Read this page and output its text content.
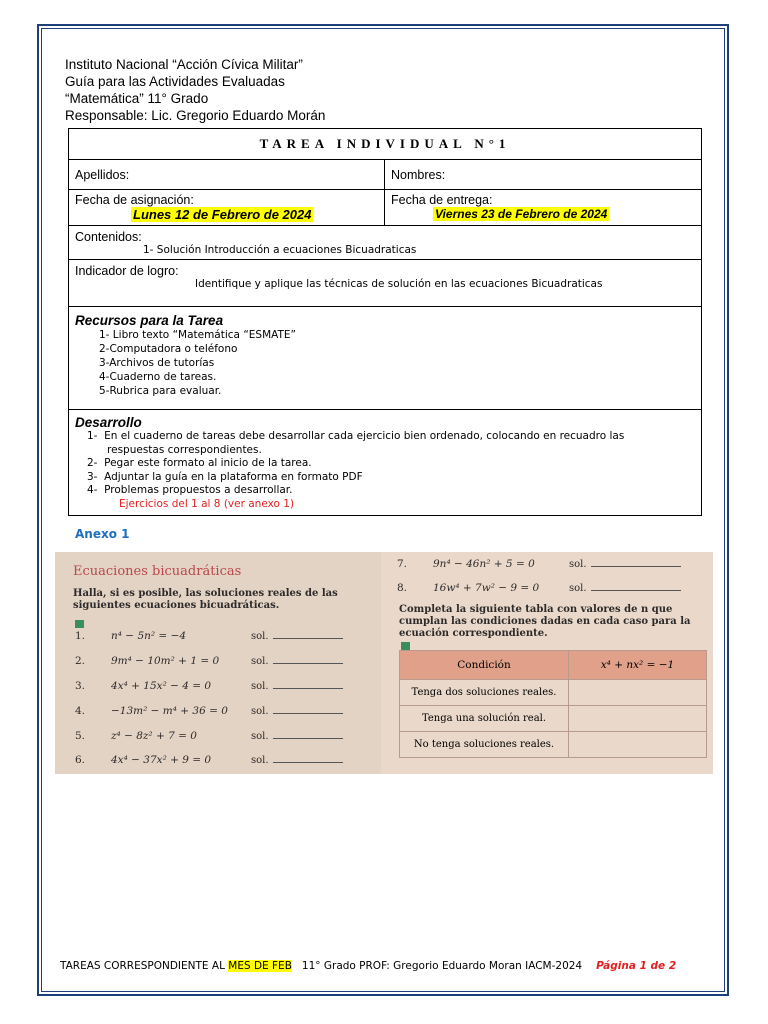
Instituto Nacional “Acción Cívica Militar”
Guía para las Actividades Evaluadas
“Matemática” 11° Grado
Responsable: Lic. Gregorio Eduardo Morán
TAREA INDIVIDUAL N°1
Apellidos:	Nombres:
Fecha de asignación:
Lunes 12 de Febrero de 2024
Fecha de entrega:
Viernes 23 de Febrero de 2024
Contenidos:
1- Solución Introducción a ecuaciones Bicuadraticas
Indicador de logro:
Identifique y aplique las técnicas de solución en las ecuaciones Bicuadraticas
Recursos para la Tarea
1- Libro texto “Matemática “ESMATE”
2-Computadora o teléfono
3-Archivos de tutorías
4-Cuaderno de tareas.
5-Rubrica para evaluar.
Desarrollo
1-  En el cuaderno de tareas debe desarrollar cada ejercicio bien ordenado, colocando en recuadro las
respuestas correspondientes.
2-  Pegar este formato al inicio de la tarea.
3-  Adjuntar la guía en la plataforma en formato PDF
4-  Problemas propuestos a desarrollar.
Ejercicios del 1 al 8 (ver anexo 1)
Anexo 1
Ecuaciones bicuadráticas
Halla, si es posible, las soluciones reales de las siguientes ecuaciones bicuadráticas.
1. n⁴ − 5n² = −4	sol.
2. 9m⁴ − 10m² + 1 = 0	sol.
3. 4x⁴ + 15x² − 4 = 0	sol.
4. −13m² − m⁴ + 36 = 0 sol.
5. z⁴ − 8z² + 7 = 0	sol.
6. 4x⁴ − 37x² + 9 = 0	sol.
7. 9n⁴ − 46n² + 5 = 0	sol.
8. 16w⁴ + 7w² − 9 = 0	sol.
Completa la siguiente tabla con valores de n que cumplan las condiciones dadas en cada caso para la ecuación correspondiente.
Condición	x⁴ + nx² = −1
Tenga dos soluciones reales.
Tenga una solución real.
No tenga soluciones reales.
TAREAS CORRESPONDIENTE AL MES DE FEB   11° Grado PROF: Gregorio Eduardo Moran IACM-2024 Página 1 de 2
